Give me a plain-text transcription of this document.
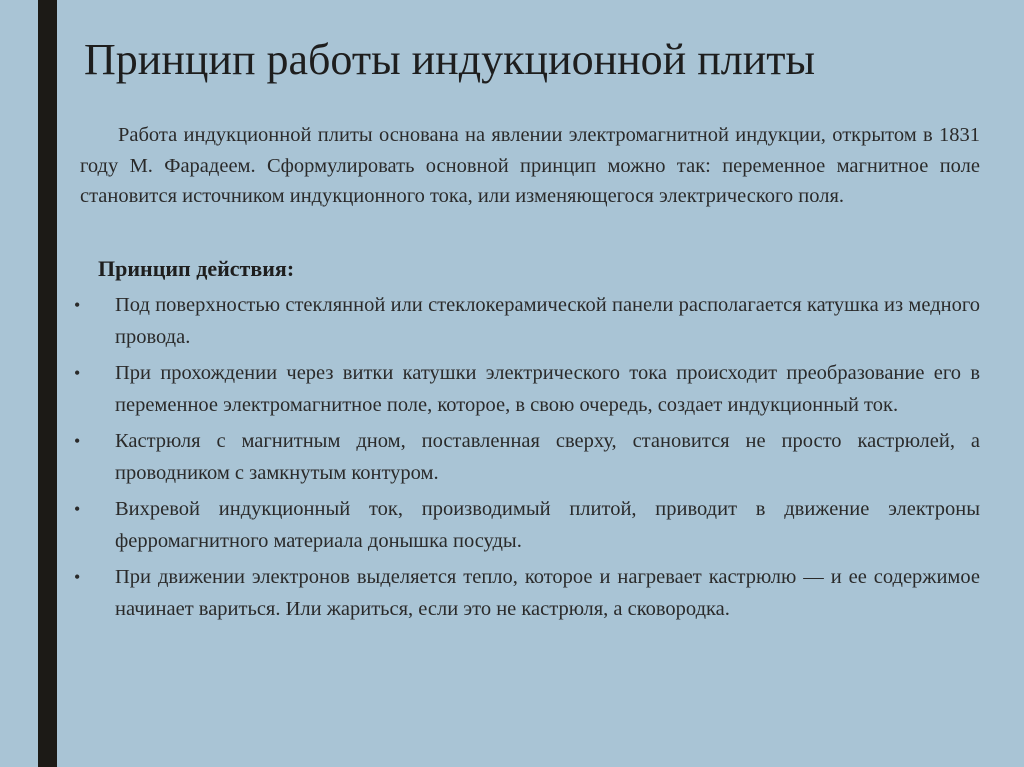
Принцип работы индукционной плиты
Работа индукционной плиты основана на явлении электромагнитной индукции, открытом в 1831 году М. Фарадеем. Сформулировать основной принцип можно так: переменное магнитное поле становится источником индукционного тока, или изменяющегося электрического поля.
Принцип действия:
•	Под поверхностью стеклянной или стеклокерамической панели располагается катушка из медного провода.
•	При прохождении через витки катушки электрического тока происходит преобразование его в переменное электромагнитное поле, которое, в свою очередь, создает индукционный ток.
•	Кастрюля с магнитным дном, поставленная сверху, становится не просто кастрюлей, а проводником с замкнутым контуром.
•	Вихревой индукционный ток, производимый плитой, приводит в движение электроны ферромагнитного материала донышка посуды.
•	При движении электронов выделяется тепло, которое и нагревает кастрюлю — и ее содержимое начинает вариться. Или жариться, если это не кастрюля, а сковородка.
